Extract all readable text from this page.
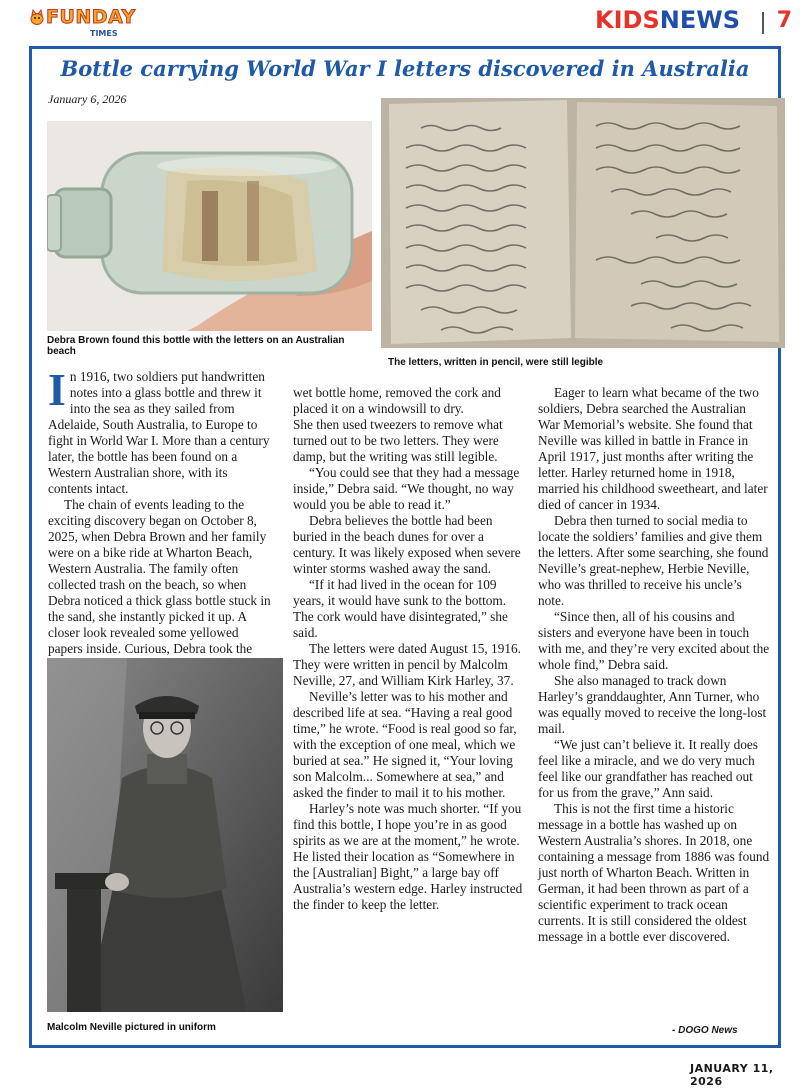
FUNDAY
TIMES	KIDSNEWS 7
Bottle carrying World War I letters discovered in Australia
January 6, 2026
Debra Brown found this bottle with the letters on an Australian beach
The letters, written in pencil, were still legible
I n 1916, two soldiers put handwritten notes into a glass bottle and threw it into the sea as they sailed from Adelaide, South Australia, to Europe to fight in World War I. More than a century later, the bottle has been found on a Western Australian shore, with its contents intact.

The chain of events leading to the exciting discovery began on October 8, 2025, when Debra Brown and her family were on a bike ride at Wharton Beach, Western Australia. The family often collected trash on the beach, so when Debra noticed a thick glass bottle stuck in the sand, she instantly picked it up. A closer look revealed some yellowed papers inside. Curious, Debra took the

Malcolm Neville pictured in uniform

wet bottle home, removed the cork and placed it on a windowsill to dry.

She then used tweezers to remove what turned out to be two letters. They were damp, but the writing was still legible.

“You could see that they had a message inside,” Debra said. “We thought, no way would you be able to read it.”

Debra believes the bottle had been buried in the beach dunes for over a century. It was likely exposed when severe winter storms washed away the sand.

“If it had lived in the ocean for 109 years, it would have sunk to the bottom. The cork would have disintegrated,” she said.

The letters were dated August 15, 1916. They were written in pencil by Malcolm Neville, 27, and William Kirk Harley, 37.

Neville’s letter was to his mother and described life at sea. “Having a real good time,” he wrote. “Food is real good so far, with the exception of one meal, which we buried at sea.” He signed it, “Your loving son Malcolm... Somewhere at sea,” and asked the finder to mail it to his mother.

Harley’s note was much shorter. “If you find this bottle, I hope you’re in as good spirits as we are at the moment,” he wrote. He listed their location as “Somewhere in the [Australian] Bight,” a large bay off Australia’s western edge. Harley instructed the finder to keep the letter.

Eager to learn what became of the two soldiers, Debra searched the Australian War Memorial’s website. She found that Neville was killed in battle in France in April 1917, just months after writing the letter. Harley returned home in 1918, married his childhood sweetheart, and later died of cancer in 1934.

Debra then turned to social media to locate the soldiers’ families and give them the letters. After some searching, she found Neville’s great-nephew, Herbie Neville, who was thrilled to receive his uncle’s note.

“Since then, all of his cousins and sisters and everyone have been in touch with me, and they’re very excited about the whole find,” Debra said.

She also managed to track down Harley’s granddaughter, Ann Turner, who was equally moved to receive the long-lost mail.

“We just can’t believe it. It really does feel like a miracle, and we do very much feel like our grandfather has reached out for us from the grave,” Ann said.

This is not the first time a historic message in a bottle has washed up on Western Australia’s shores. In 2018, one containing a message from 1886 was found just north of Wharton Beach. Written in German, it had been thrown as part of a scientific experiment to track ocean currents. It is still considered the oldest message in a bottle ever discovered.

- DOGO News
JANUARY 11, 2026
